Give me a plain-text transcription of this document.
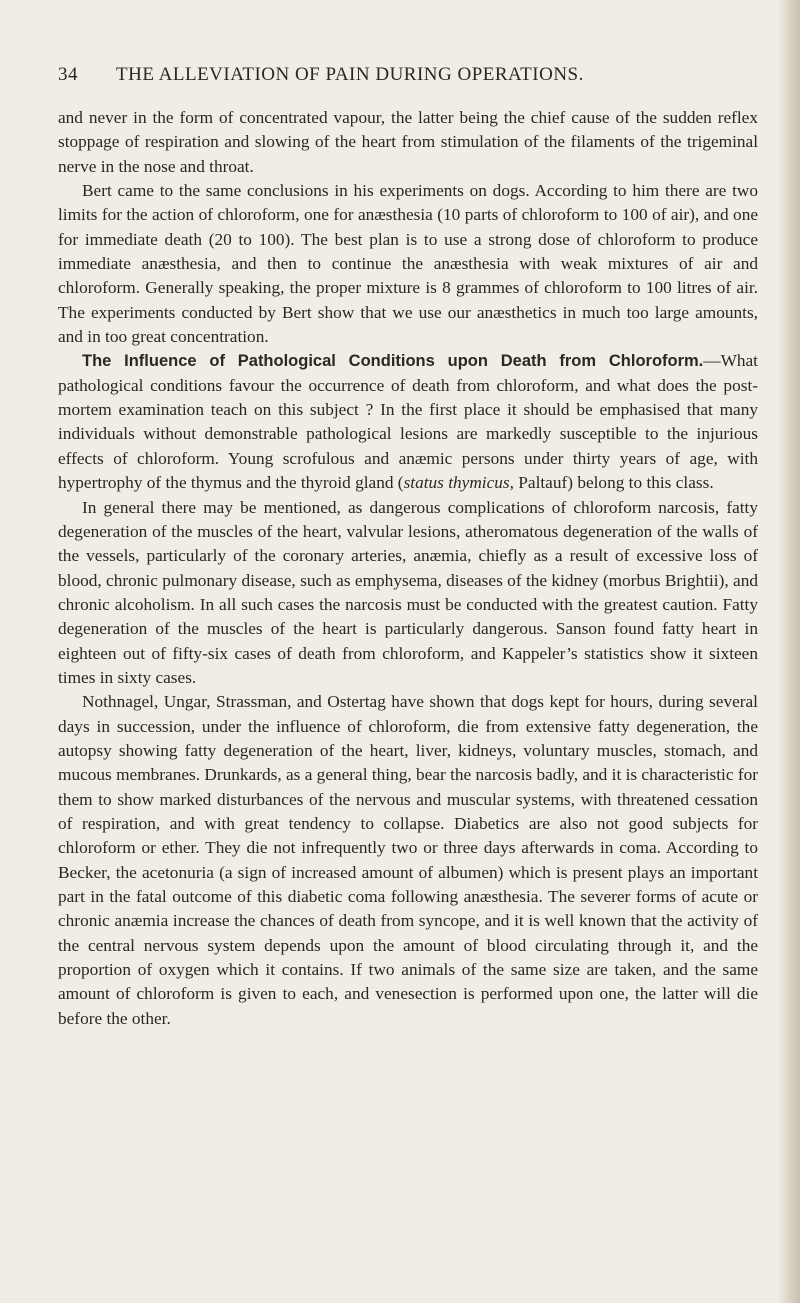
34 THE ALLEVIATION OF PAIN DURING OPERATIONS.

and never in the form of concentrated vapour, the latter being the chief cause of the sudden reflex stoppage of respiration and slowing of the heart from stimulation of the filaments of the trigeminal nerve in the nose and throat.

Bert came to the same conclusions in his experiments on dogs. According to him there are two limits for the action of chloroform, one for anæsthesia (10 parts of chloroform to 100 of air), and one for immediate death (20 to 100). The best plan is to use a strong dose of chloroform to produce immediate anæsthesia, and then to continue the anæsthesia with weak mixtures of air and chloroform. Generally speaking, the proper mixture is 8 grammes of chloroform to 100 litres of air. The experiments conducted by Bert show that we use our anæsthetics in much too large amounts, and in too great concentration.

The Influence of Pathological Conditions upon Death from Chloroform.—What pathological conditions favour the occurrence of death from chloroform, and what does the post-mortem examination teach on this subject ? In the first place it should be emphasised that many individuals without demonstrable pathological lesions are markedly susceptible to the injurious effects of chloroform. Young scrofulous and anæmic persons under thirty years of age, with hypertrophy of the thymus and the thyroid gland (status thymicus, Paltauf) belong to this class.

In general there may be mentioned, as dangerous complications of chloroform narcosis, fatty degeneration of the muscles of the heart, valvular lesions, atheromatous degeneration of the walls of the vessels, particularly of the coronary arteries, anæmia, chiefly as a result of excessive loss of blood, chronic pulmonary disease, such as emphysema, diseases of the kidney (morbus Brightii), and chronic alcoholism. In all such cases the narcosis must be conducted with the greatest caution. Fatty degeneration of the muscles of the heart is particularly dangerous. Sanson found fatty heart in eighteen out of fifty-six cases of death from chloroform, and Kappeler’s statistics show it sixteen times in sixty cases.

Nothnagel, Ungar, Strassman, and Ostertag have shown that dogs kept for hours, during several days in succession, under the influence of chloroform, die from extensive fatty degeneration, the autopsy showing fatty degeneration of the heart, liver, kidneys, voluntary muscles, stomach, and mucous membranes. Drunkards, as a general thing, bear the narcosis badly, and it is characteristic for them to show marked disturbances of the nervous and muscular systems, with threatened cessation of respiration, and with great tendency to collapse. Diabetics are also not good subjects for chloroform or ether. They die not infrequently two or three days afterwards in coma. According to Becker, the acetonuria (a sign of increased amount of albumen) which is present plays an important part in the fatal outcome of this diabetic coma following anæsthesia. The severer forms of acute or chronic anæmia increase the chances of death from syncope, and it is well known that the activity of the central nervous system depends upon the amount of blood circulating through it, and the proportion of oxygen which it contains. If two animals of the same size are taken, and the same amount of chloroform is given to each, and venesection is performed upon one, the latter will die before the other.
